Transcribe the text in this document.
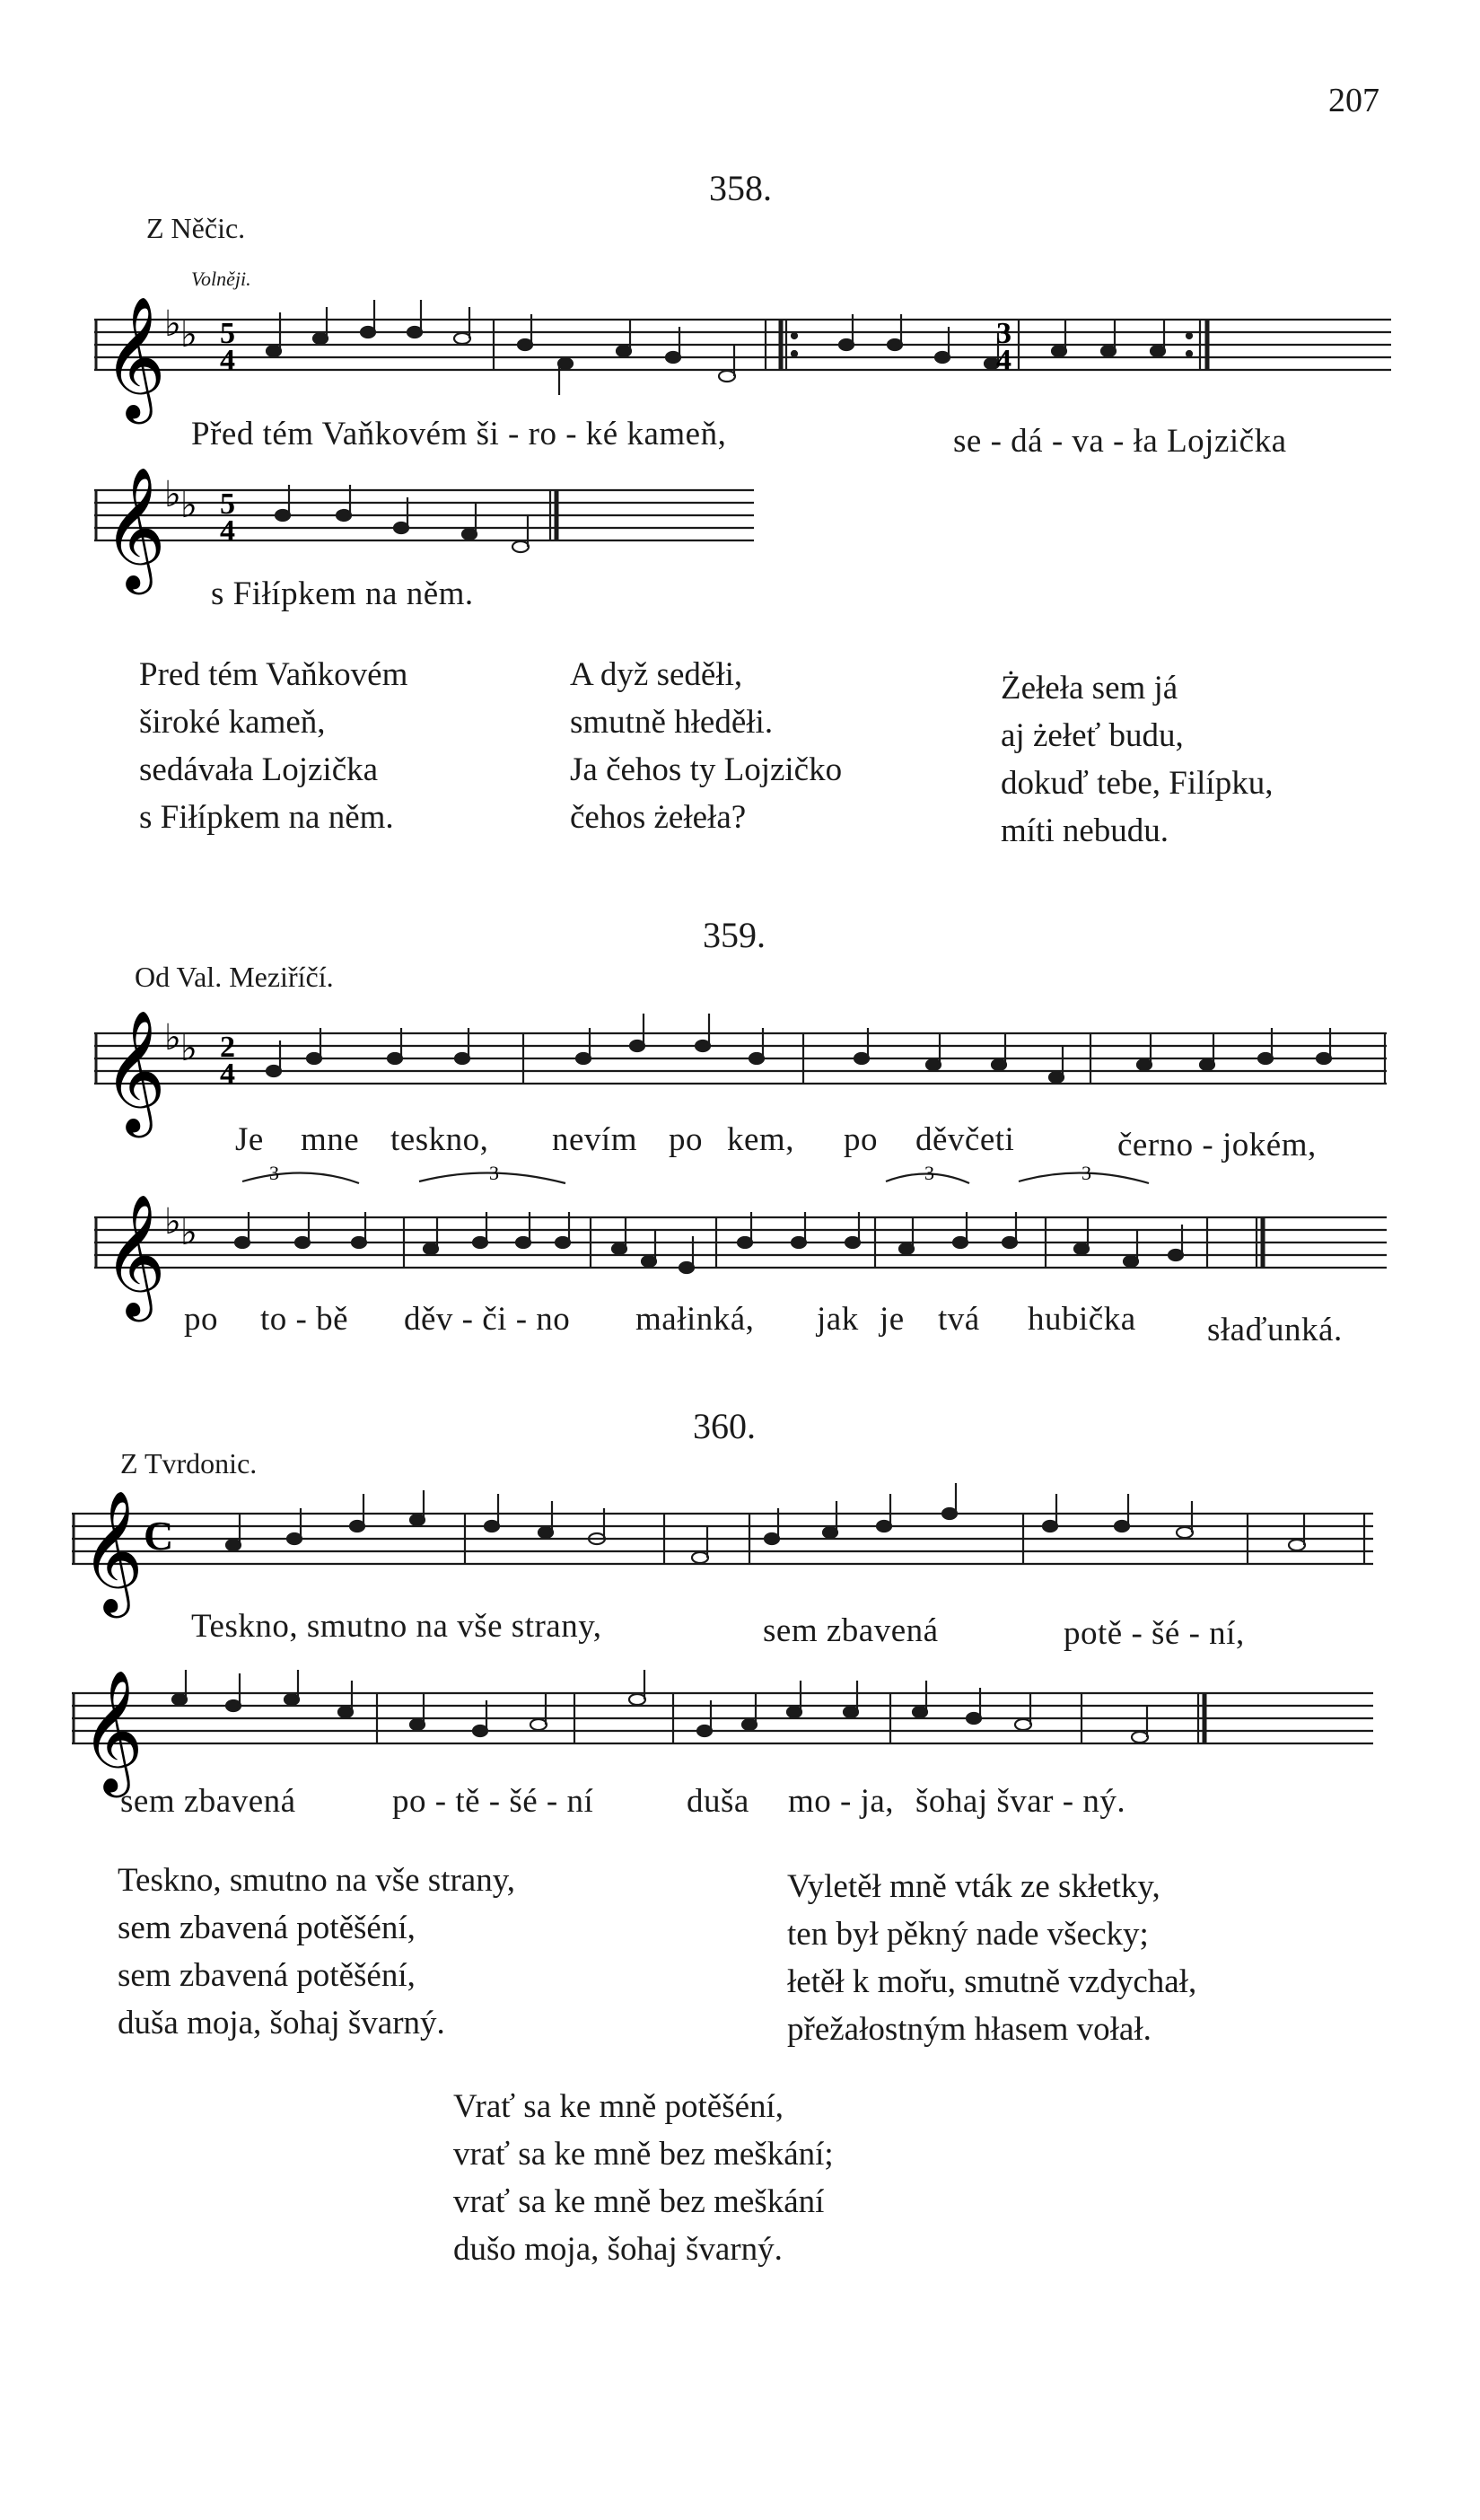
207
358.
Z Něčic.
Volněji.
𝄞
♭ ♭ 5
4
3
4
Před tém Vaňkovém ši - ro - ké kameň,	se - dá - va - ła Lojzička
𝄞
♭ ♭ 5
4
s Fiłípkem na něm.
Pred tém Vaňkovém
široké kameň,
sedávała Lojzička
s Fiłípkem na něm.
A dyž seděłi,
smutně hłeděłi.
Ja čehos ty Lojzičko
čehos żełeła?
Żełeła sem já
aj żełeť budu,
dokuď tebe, Filípku,
míti nebudu.
359.
Od Val. Meziříčí.
𝄞
♭ ♭ 2
4
Je mne teskno, nevím po kem, po děvčeti	černo - jokém,
3	3	3	3
𝄞
♭ ♭
po to - bě děv - či - no małinká, jak je tvá hubička słaďunká.
360.
Z Tvrdonic.
𝄞 C
Teskno, smutno na vše strany,	sem zbavená	potě - šé - ní,
𝄞
sem zbavená	po - tě - šé - ní	duša mo - ja, šohaj švar - ný.
Teskno, smutno na vše strany,
sem zbavená potěšéní,
sem zbavená potěšéní,
duša moja, šohaj švarný.
Vyletěł mně vták ze skłetky,
ten był pěkný nade všecky;
łetěł k mořu, smutně vzdychał,
přežałostným hłasem vołał.
Vrať sa ke mně potěšéní,
vrať sa ke mně bez meškání;
vrať sa ke mně bez meškání
dušo moja, šohaj švarný.
